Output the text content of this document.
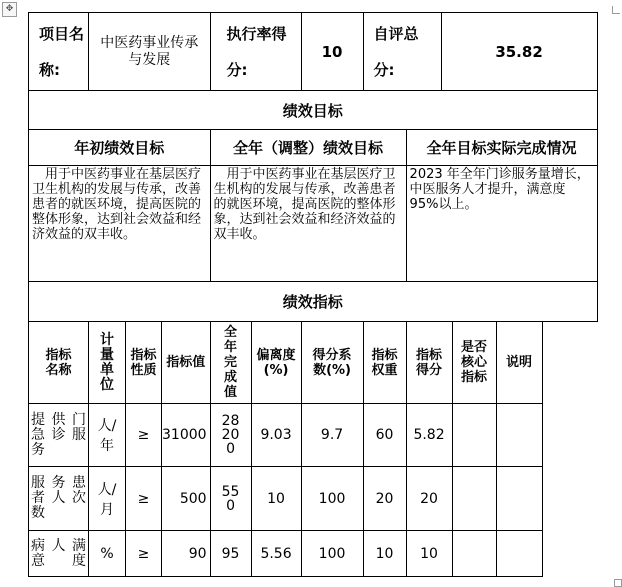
✥
项目名称:	中医药事业传承与发展			执行率得分:		10	自评总分:		35.82		
绩效目标											
年初绩效目标				全年（调整）绩效目标				全年目标实际完成情况			
　用于中医药事业在基层医疗卫生机构的发展与传承，改善患者的就医环境，提高医院的整体形象，达到社会效益和经济效益的双丰收。				　用于中医药事业在基层医疗卫生机构的发展与传承，改善患者的就医环境，提高医院的整体形象，达到社会效益和经济效益的双丰收。				2023 年全年门诊服务量增长，中医服务人才提升，满意度 95%以上。			
绩效指标											
指标名称	计量单位	指标性质	指标值	全年完成值	偏离度(%)	得分系数(%)	指标权重	指标得分		是否核心指标	说明
提供门急诊服务	人/年	≥	31000	28200	9.03	9.7	60	5.82			
服务患者人次数	人/月	≥	500	550	10	100	20	20			
病人满意度	%	≥	90	95	5.56	100	10	10			
